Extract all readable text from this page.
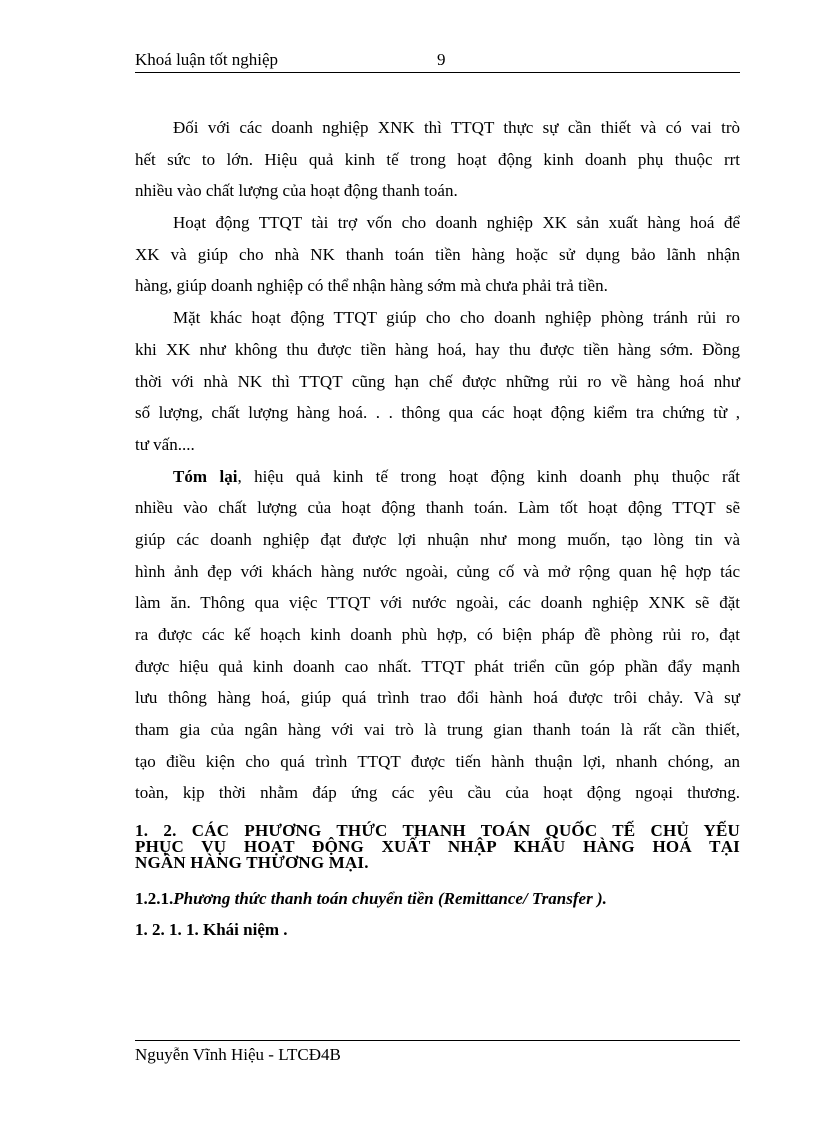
Khoá luận tốt nghiệp	9
Đối với các doanh nghiệp XNK thì TTQT thực sự cần thiết và có vai trò
hết sức to lớn. Hiệu quả kinh tế trong hoạt động kinh doanh phụ thuộc rrt
nhiều vào chất lượng của hoạt động thanh toán.
Hoạt động TTQT tài trợ vốn cho doanh nghiệp XK sản xuất hàng hoá để
XK và giúp cho nhà NK thanh toán tiền hàng hoặc sử dụng bảo lãnh nhận
hàng, giúp doanh nghiệp có thể nhận hàng sớm mà chưa phải trả tiền.
Mặt khác hoạt động TTQT giúp cho cho doanh nghiệp phòng tránh rủi ro
khi XK như không thu được tiền hàng hoá, hay thu được tiền hàng sớm. Đồng
thời với nhà NK thì TTQT cũng hạn chế được những rủi ro về hàng hoá như
số lượng, chất lượng hàng hoá. . . thông qua các hoạt động kiểm tra chứng từ ,
tư vấn....
Tóm lại, hiệu quả kinh tế trong hoạt động kinh doanh phụ thuộc rất
nhiều vào chất lượng của hoạt động thanh toán. Làm tốt hoạt động TTQT sẽ
giúp các doanh nghiệp đạt được lợi nhuận như mong muốn, tạo lòng tin và
hình ảnh đẹp với khách hàng nước ngoài, củng cố và mở rộng quan hệ hợp tác
làm ăn. Thông qua việc TTQT với nước ngoài, các doanh nghiệp XNK sẽ đặt
ra được các kế hoạch kinh doanh phù hợp, có biện pháp đề phòng rủi ro, đạt
được hiệu quả kinh doanh cao nhất. TTQT phát triển cũn góp phần đẩy mạnh
lưu thông hàng hoá, giúp quá trình trao đổi hành hoá được trôi chảy. Và sự
tham gia của ngân hàng với vai trò là trung gian thanh toán là rất cần thiết,
tạo điều kiện cho quá trình TTQT được tiến hành thuận lợi, nhanh chóng, an
toàn, kịp thời nhằm đáp ứng các yêu cầu của hoạt động ngoại thương.
1. 2. CÁC PHƯƠNG THỨC THANH TOÁN QUỐC TẾ CHỦ YẾU
PHỤC VỤ HOẠT ĐỘNG XUẤT NHẬP KHẨU HÀNG HOÁ TẠI
NGÂN HÀNG THƯƠNG MẠI.
1.2.1.Phương thức thanh toán chuyển tiền (Remittance/ Transfer ).
1. 2. 1. 1. Khái niệm .
Nguyễn Vĩnh Hiệu - LTCĐ4B
